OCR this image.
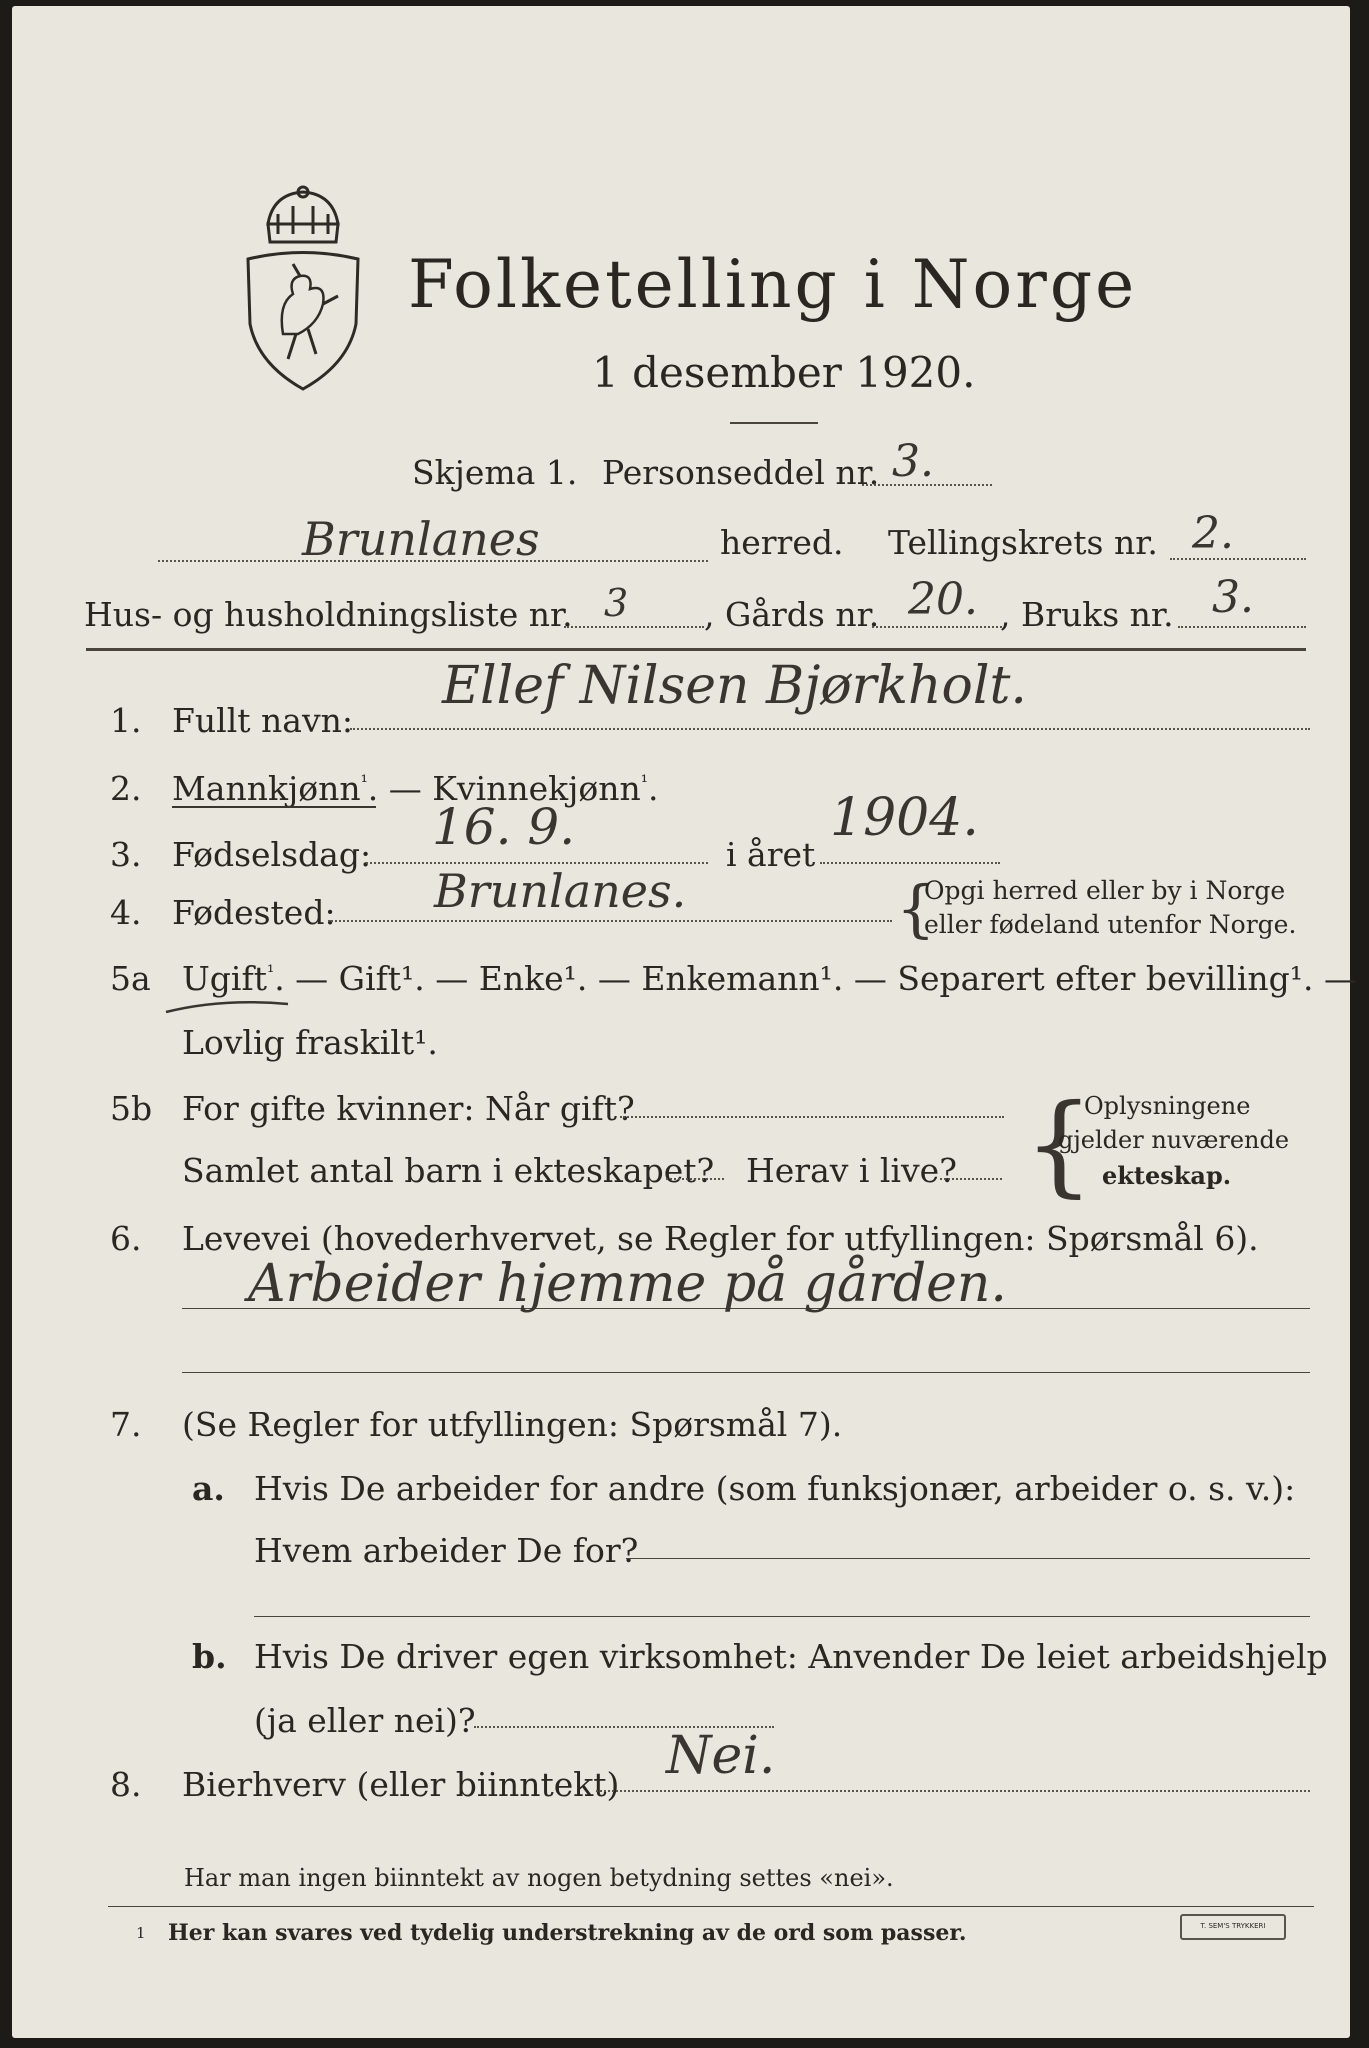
Folketelling i Norge
1 desember 1920.
Skjema 1. Personseddel nr. 3.
Brunlanes	herred. Tellingskrets nr. 2.
Hus- og husholdningsliste nr. 3 , Gårds nr. 20. , Bruks nr. 3.
1. Fullt navn:
Ellef Nilsen Bjørkholt.
2. Mannkjønn$^{^1}$. — Kvinnekjønn$^{^1}$.
3. Fødselsdag: 16. 9.	i året
1904.
4. Fødested: Brunlanes.	{
Opgi herred eller by i Norge
eller fødeland utenfor Norge.
5a Ugift$^{^1}$. — Gift¹. — Enke¹. — Enkemann¹. — Separert efter bevilling¹. —
Lovlig fraskilt¹.
5b For gifte kvinner: Når gift?
Samlet antal barn i ekteskapet? Herav i live? {
Oplysningene
gjelder nuværende
ekteskap.
6. Levevei (hovederhvervet, se Regler for utfyllingen: Spørsmål 6).
Arbeider hjemme på gården.
7. (Se Regler for utfyllingen: Spørsmål 7).
a. Hvis De arbeider for andre (som funksjonær, arbeider o. s. v.):
Hvem arbeider De for?
b. Hvis De driver egen virksomhet: Anvender De leiet arbeidshjelp
(ja eller nei)?
8. Bierhverv (eller biinntekt) Nei.
Har man ingen biinntekt av nogen betydning settes «nei».
1 Her kan svares ved tydelig understrekning av de ord som passer.	T. SEM'S TRYKKERI
